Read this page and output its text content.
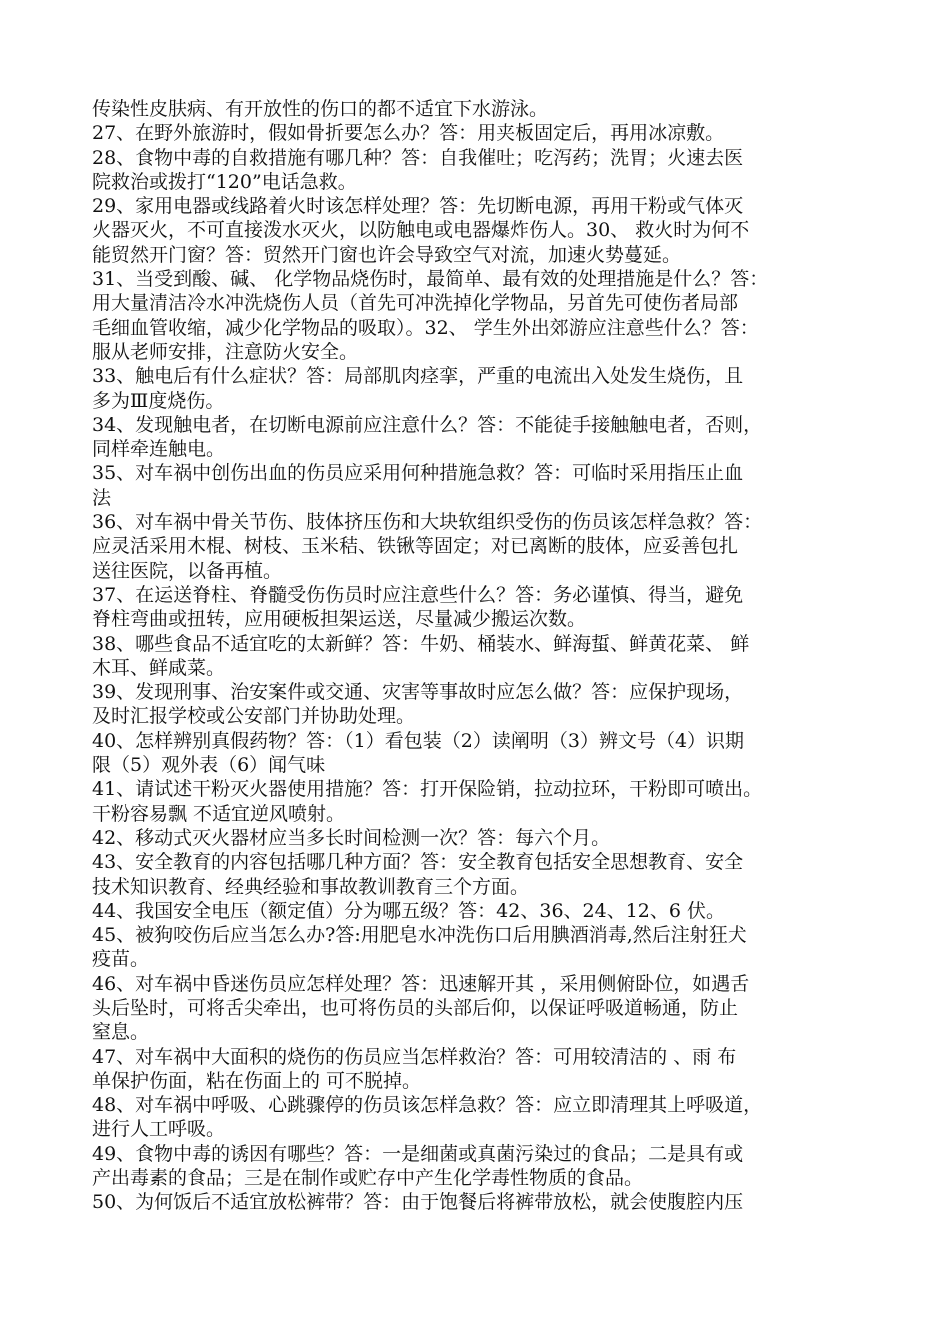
传染性皮肤病、有开放性的伤口的都不适宜下水游泳。
27、在野外旅游时，假如骨折要怎么办？答：用夹板固定后，再用冰凉敷。
28、食物中毒的自救措施有哪几种？答：自我催吐；吃泻药；洗胃；火速去医
院救治或拨打“120”电话急救。
29、家用电器或线路着火时该怎样处理？答：先切断电源，再用干粉或气体灭
火器灭火，不可直接泼水灭火，以防触电或电器爆炸伤人。30、 救火时为何不
能贸然开门窗？答：贸然开门窗也许会导致空气对流，加速火势蔓延。
31、当受到酸、碱、 化学物品烧伤时，最简单、最有效的处理措施是什么？答：
用大量清洁冷水冲洗烧伤人员（首先可冲洗掉化学物品，另首先可使伤者局部
毛细血管收缩，减少化学物品的吸取）。32、 学生外出郊游应注意些什么？答：
服从老师安排，注意防火安全。
33、触电后有什么症状？答：局部肌肉痉挛，严重的电流出入处发生烧伤，且
多为Ⅲ度烧伤。
34、发现触电者，在切断电源前应注意什么？答：不能徒手接触触电者，否则，
同样牵连触电。
35、对车祸中创伤出血的伤员应采用何种措施急救？答：可临时采用指压止血
法
36、对车祸中骨关节伤、肢体挤压伤和大块软组织受伤的伤员该怎样急救？答：
应灵活采用木棍、树枝、玉米秸、铁锹等固定；对已离断的肢体，应妥善包扎
送往医院，以备再植。
37、在运送脊柱、脊髓受伤伤员时应注意些什么？答：务必谨慎、得当，避免
脊柱弯曲或扭转，应用硬板担架运送，尽量减少搬运次数。
38、哪些食品不适宜吃的太新鲜？答：牛奶、桶装水、鲜海蜇、鲜黄花菜、 鲜
木耳、鲜咸菜。
39、发现刑事、治安案件或交通、灾害等事故时应怎么做？答：应保护现场，
及时汇报学校或公安部门并协助处理。
40、怎样辨别真假药物？答：（1）看包装（2）读阐明（3）辨文号（4）识期
限（5）观外表（6）闻气味
41、请试述干粉灭火器使用措施？答：打开保险销，拉动拉环，干粉即可喷出。
干粉容易飘 不适宜逆风喷射。
42、移动式灭火器材应当多长时间检测一次？答：每六个月。
43、安全教育的内容包括哪几种方面？答：安全教育包括安全思想教育、安全
技术知识教育、经典经验和事故教训教育三个方面。
44、我国安全电压（额定值）分为哪五级？答：42、36、24、12、6 伏。
45、被狗咬伤后应当怎么办?答:用肥皂水冲洗伤口后用腆酒消毒,然后注射狂犬
疫苗。
46、对车祸中昏迷伤员应怎样处理？答：迅速解开其 ，采用侧俯卧位，如遇舌
头后坠时，可将舌尖牵出，也可将伤员的头部后仰，以保证呼吸道畅通，防止
窒息。
47、对车祸中大面积的烧伤的伤员应当怎样救治？答：可用较清洁的 、雨 布
单保护伤面，粘在伤面上的 可不脱掉。
48、对车祸中呼吸、心跳骤停的伤员该怎样急救？答：应立即清理其上呼吸道，
进行人工呼吸。
49、食物中毒的诱因有哪些？答：一是细菌或真菌污染过的食品；二是具有或
产出毒素的食品；三是在制作或贮存中产生化学毒性物质的食品。
50、为何饭后不适宜放松裤带？答：由于饱餐后将裤带放松，就会使腹腔内压
